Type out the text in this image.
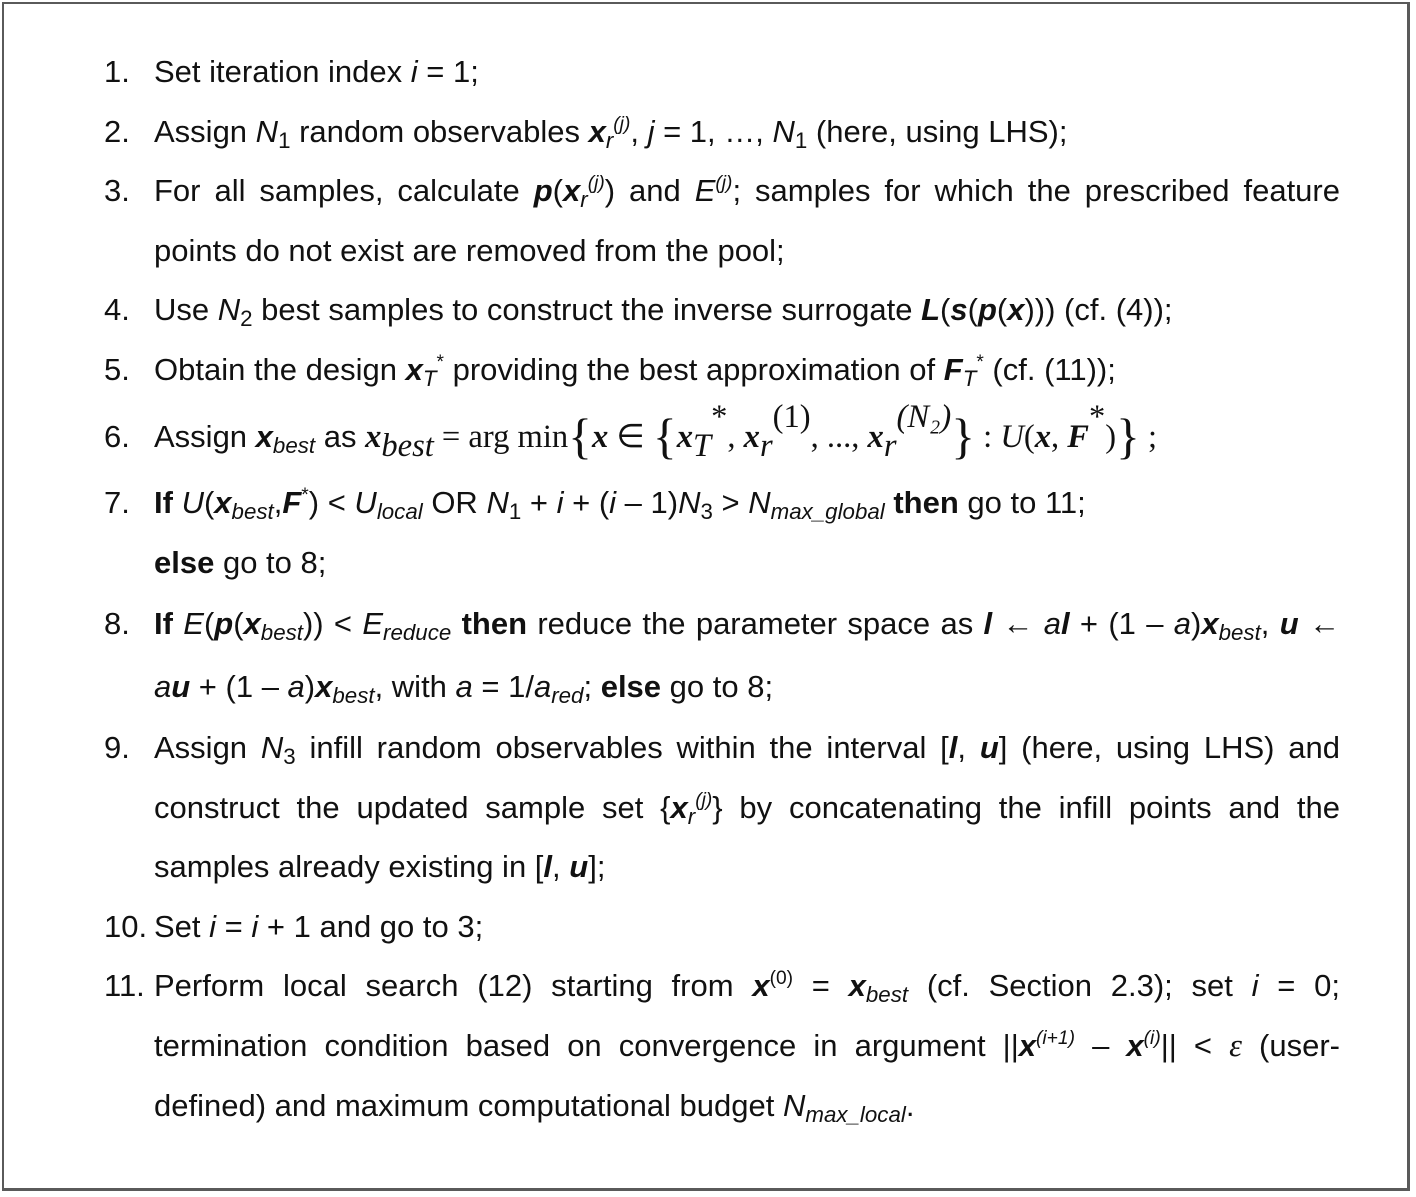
1. Set iteration index i = 1;
2. Assign $N_1$ random observables $x_r^{(j)}$, j = 1, …, $N_1$ (here, using LHS);
3. For all samples, calculate $p(x_r^{(j)})$ and $E^{(j)}$; samples for which the prescribed feature points do not exist are removed from the pool;
4. Use $N_2$ best samples to construct the inverse surrogate L(s(p(x))) (cf. (4));
5. Obtain the design $x_T^*$ providing the best approximation of $F_T^*$ (cf. (11));
6. Assign $x_{best}$ as xbest = arg min{x ∈ {xT*, xr(1), ..., xr(N₂)} : U(x, F*)} ;
7. If $U(x_{best},F^*) < U_{local}$ OR $N_1 + i + (i - 1)N_3 > N_{max\_global}$ then go to 11;
else go to 8;
8. If $E(p(x_{best})) < E_{reduce}$ then reduce the parameter space as l ← al + $(1 - a)x_{best}$, u ← au + $(1 - a)x_{best}$, with $a = 1/a_{red}$; else go to 8;
9. Assign $N_3$ infill random observables within the interval [l, u] (here, using LHS) and construct the updated sample set $\{x_r^{(j)}\}$ by concatenating the infill points and the samples already existing in [l, u];
10. Set i = i + 1 and go to 3;
11. Perform local search (12) starting from $x^{(0)} = x_{best}$ (cf. Section 2.3); set i = 0; termination condition based on convergence in argument $||x^{(i+1)} - x^{(i)}|| < \varepsilon$ (user-defined) and maximum computational budget $N_{max\_local}$.
